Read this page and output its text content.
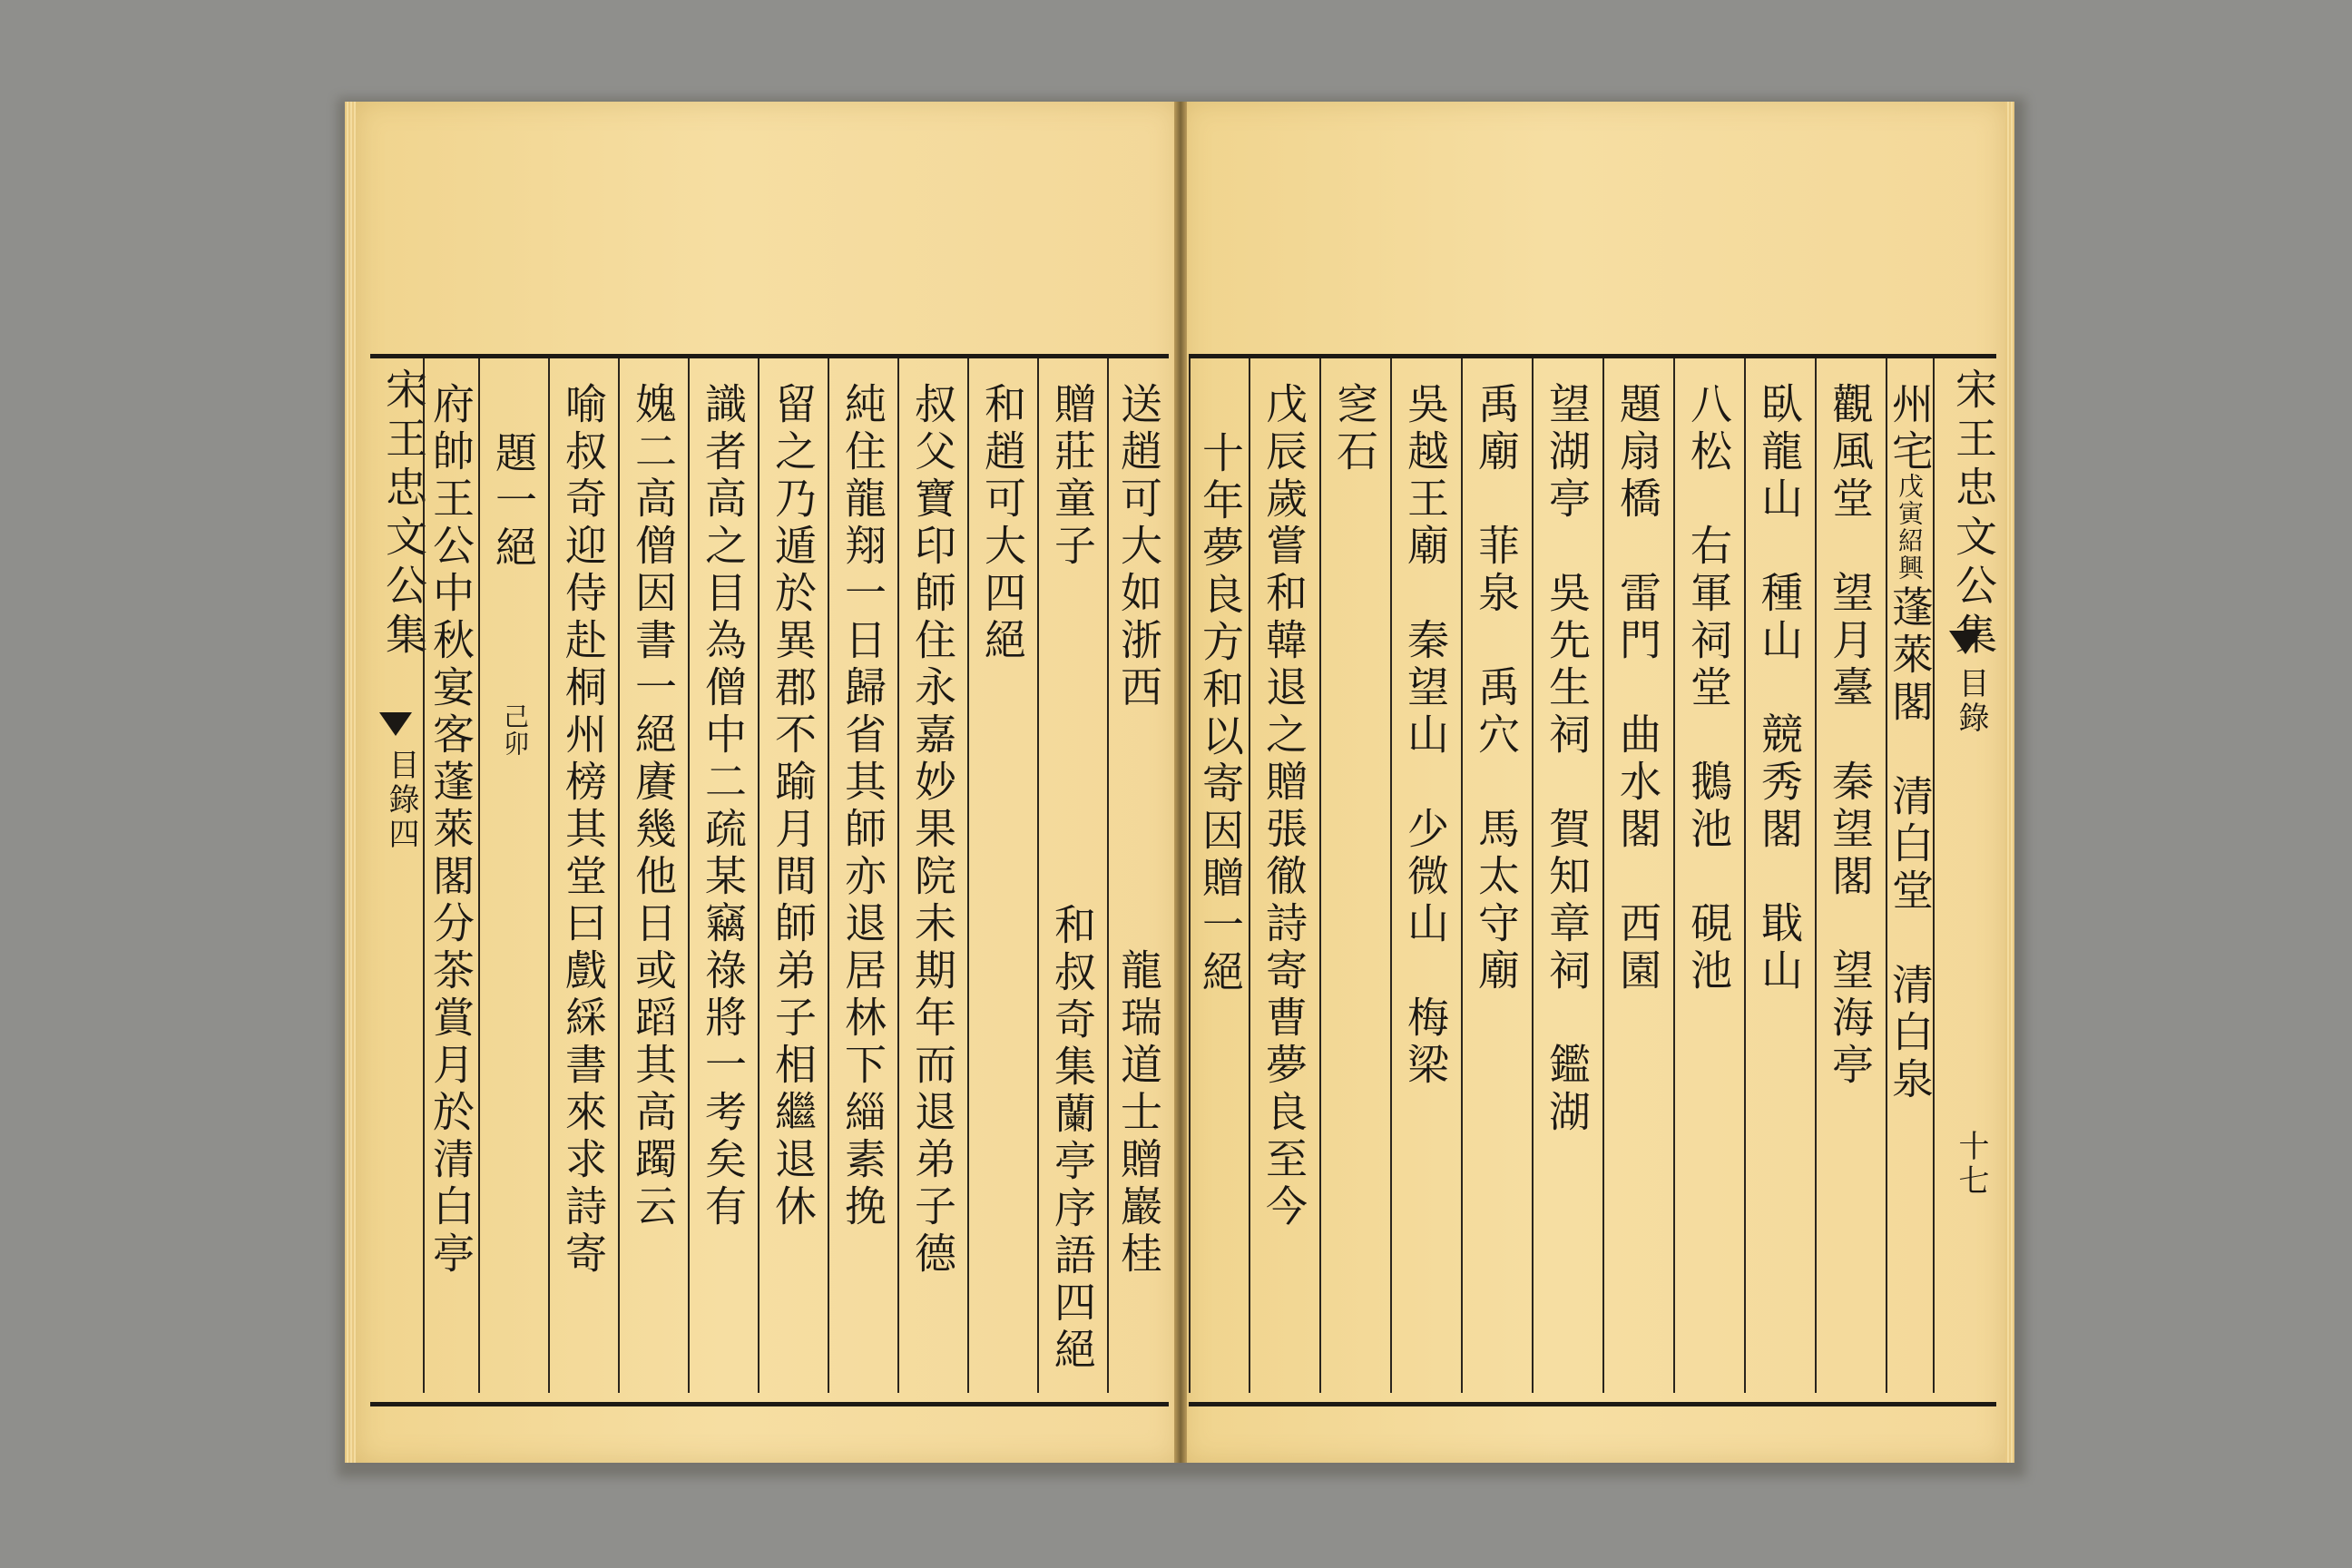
宋王忠文公集
目錄四
送趙可大如浙西
龍瑞道士贈巖桂
贈莊童子
和叔奇集蘭亭序語四絕
和趙可大四絕
叔父寶印師住永嘉妙果院未期年而退弟子德
純住龍翔一日歸省其師亦退居林下緇素挽
留之乃遁於異郡不踰月間師弟子相繼退休
識者高之目為僧中二疏某竊祿將一考矣有
媿二高僧因書一絕賡幾他日或蹈其高躅云
喻叔奇迎侍赴桐州榜其堂曰戲綵書來求詩寄
題一絕
己卯
府帥王公中秋宴客蓬萊閣分茶賞月於清白亭	宋王忠文公集
目錄
十七
州宅
戊寅紹興
蓬萊閣　清白堂　清白泉
觀風堂　望月臺　秦望閣　望海亭
臥龍山　種山　競秀閣　戢山
八松　右軍祠堂　鵝池　硯池
題扇橋　雷門　曲水閣　西園
望湖亭　吳先生祠　賀知章祠　鑑湖
禹廟　菲泉　禹穴　馬太守廟
吳越王廟　秦望山　少微山　梅梁
窆石
戊辰歲嘗和韓退之贈張徹詩寄曹夢良至今
十年夢良方和以寄因贈一絕
